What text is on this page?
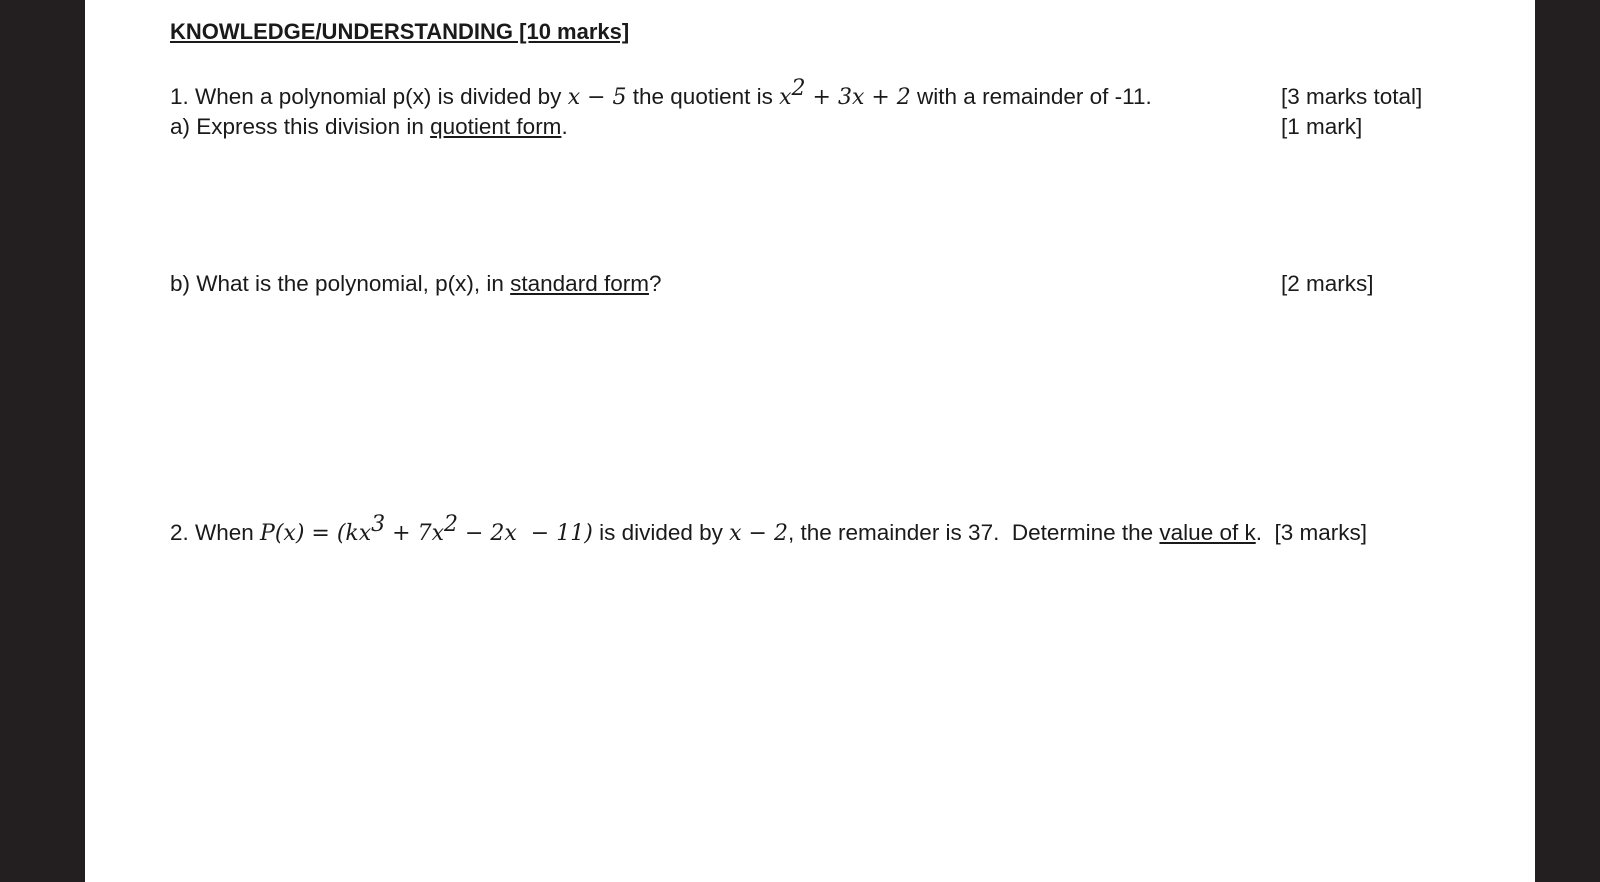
KNOWLEDGE/UNDERSTANDING [10 marks]
1. When a polynomial p(x) is divided by x − 5 the quotient is $x^2 + 3x + 2$ with a remainder of -11.	[3 marks total]
a) Express this division in quotient form.	[1 mark]
b) What is the polynomial, p(x), in standard form?	[2 marks]
2. When $P(x) = (kx^3 + 7x^2 - 2x - 11)$ is divided by x − 2, the remainder is 37.  Determine the value of k.  [3 marks]
